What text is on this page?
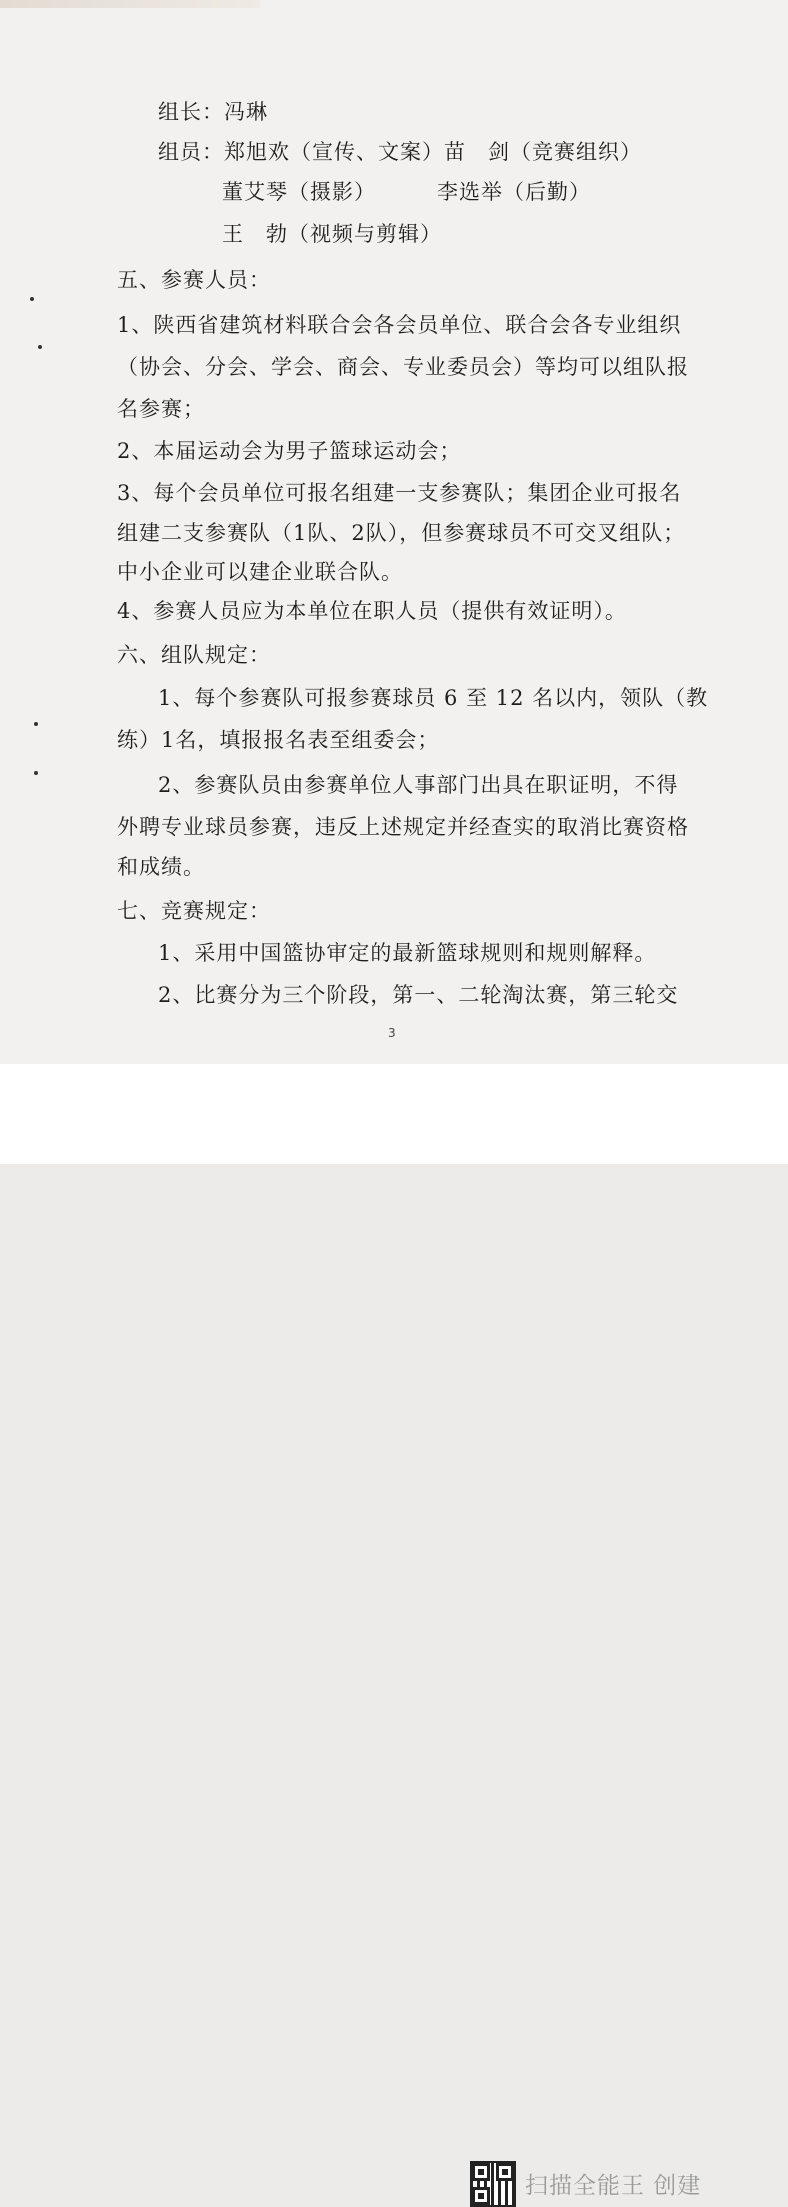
组长：冯琳
组员：郑旭欢（宣传、文案）苗　剑（竞赛组织）
董艾琴（摄影）	李选举（后勤）
王　勃（视频与剪辑）
五、参赛人员：
1、陕西省建筑材料联合会各会员单位、联合会各专业组织
（协会、分会、学会、商会、专业委员会）等均可以组队报
名参赛；
2、本届运动会为男子篮球运动会；
3、每个会员单位可报名组建一支参赛队；集团企业可报名
组建二支参赛队（1队、2队），但参赛球员不可交叉组队；
中小企业可以建企业联合队。
4、参赛人员应为本单位在职人员（提供有效证明）。
六、组队规定：
1、每个参赛队可报参赛球员 6 至 12 名以内，领队（教
练）1名，填报报名表至组委会；
2、参赛队员由参赛单位人事部门出具在职证明，不得
外聘专业球员参赛，违反上述规定并经查实的取消比赛资格
和成绩。
七、竞赛规定：
1、采用中国篮协审定的最新篮球规则和规则解释。
2、比赛分为三个阶段，第一、二轮淘汰赛，第三轮交
3
扫描全能王 创建
